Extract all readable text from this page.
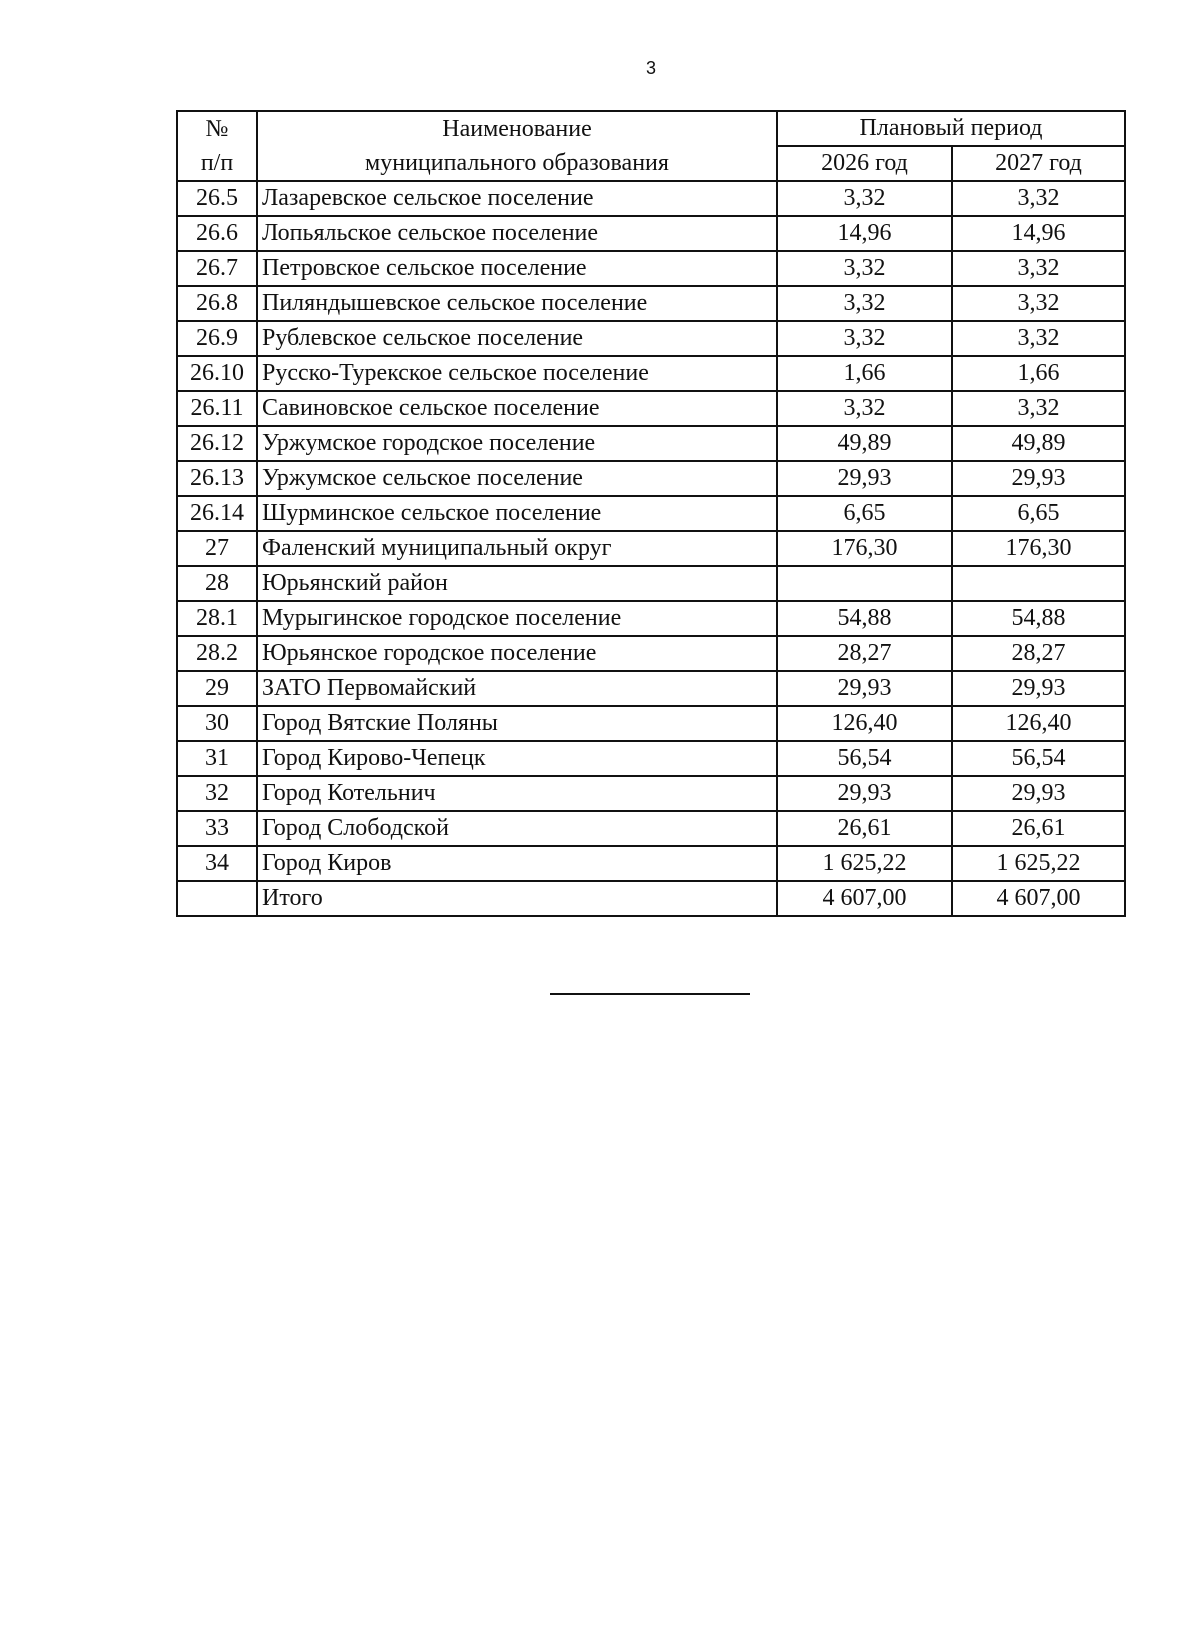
3
№	Наименование	Плановый период	
п/п	муниципального образования	2026 год	2027 год
26.5	Лазаревское сельское поселение	3,32	3,32
26.6	Лопьяльское сельское поселение	14,96	14,96
26.7	Петровское сельское поселение	3,32	3,32
26.8	Пиляндышевское сельское поселение	3,32	3,32
26.9	Рублевское сельское поселение	3,32	3,32
26.10	Русско-Турекское сельское поселение	1,66	1,66
26.11	Савиновское сельское поселение	3,32	3,32
26.12	Уржумское городское поселение	49,89	49,89
26.13	Уржумское сельское поселение	29,93	29,93
26.14	Шурминское сельское поселение	6,65	6,65
27	Фаленский муниципальный округ	176,30	176,30
28	Юрьянский район		
28.1	Мурыгинское городское поселение	54,88	54,88
28.2	Юрьянское городское поселение	28,27	28,27
29	ЗАТО Первомайский	29,93	29,93
30	Город Вятские Поляны	126,40	126,40
31	Город Кирово-Чепецк	56,54	56,54
32	Город Котельнич	29,93	29,93
33	Город Слободской	26,61	26,61
34	Город Киров	1 625,22	1 625,22
	Итого	4 607,00	4 607,00
